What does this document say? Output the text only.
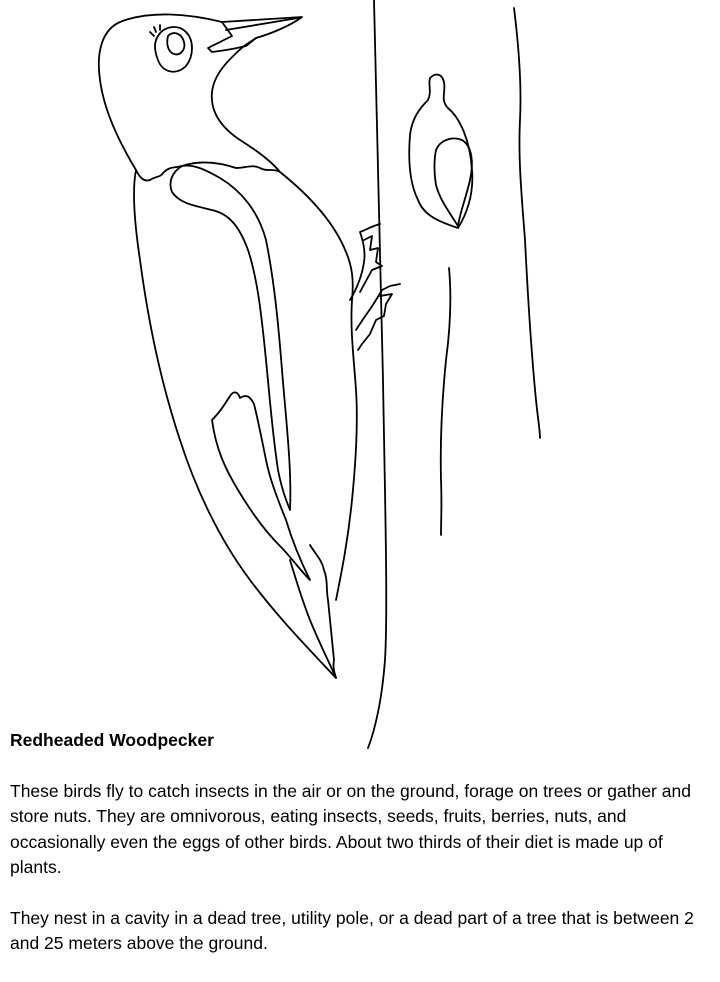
Redheaded Woodpecker
These birds fly to catch insects in the air or on the ground, forage on trees or gather and store nuts. They are omnivorous, eating insects, seeds, fruits, berries, nuts, and occasionally even the eggs of other birds. About two thirds of their diet is made up of plants.
They nest in a cavity in a dead tree, utility pole, or a dead part of a tree that is between 2 and 25 meters above the ground.
